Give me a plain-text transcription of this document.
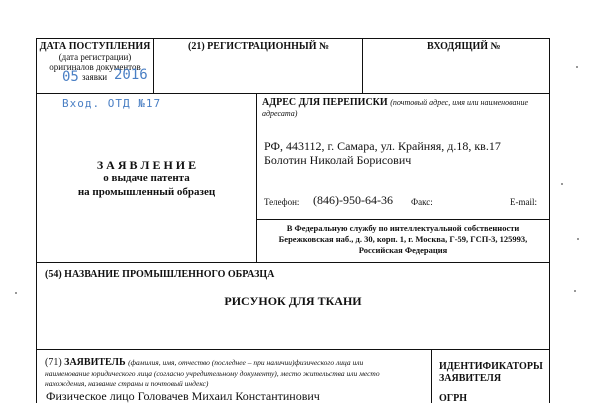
ДАТА ПОСТУПЛЕНИЯ
(дата регистрации)
оригиналов документов
заявки
05	2016
(21) РЕГИСТРАЦИОННЫЙ №	ВХОДЯЩИЙ №
Вход. ОТД №17
З А Я В Л Е Н И Е
о выдаче патента
на промышленный образец
АДРЕС ДЛЯ ПЕРЕПИСКИ (почтовый адрес, имя или наименование адресата)
РФ, 443112, г. Самара, ул. Крайняя, д.18, кв.17
Болотин Николай Борисович
Телефон: (846)-950-64-36 Факс:	E-mail:
В Федеральную службу по интеллектуальной собственности
Бережковская наб., д. 30, корп. 1, г. Москва, Г-59, ГСП-3, 125993,
Российская Федерация
(54) НАЗВАНИЕ ПРОМЫШЛЕННОГО ОБРАЗЦА
РИСУНОК ДЛЯ ТКАНИ
(71) ЗАЯВИТЕЛЬ (фамилия, имя, отчество (последнее – при наличии)физического лица или
наименование юридического лица (согласно учредительному документу), место жительства или место
нахождения, название страны и почтовый индекс)
Физическое лицо Головачев Михаил Константинович
ИДЕНТИФИКАТОРЫ
ЗАЯВИТЕЛЯ
ОГРН
